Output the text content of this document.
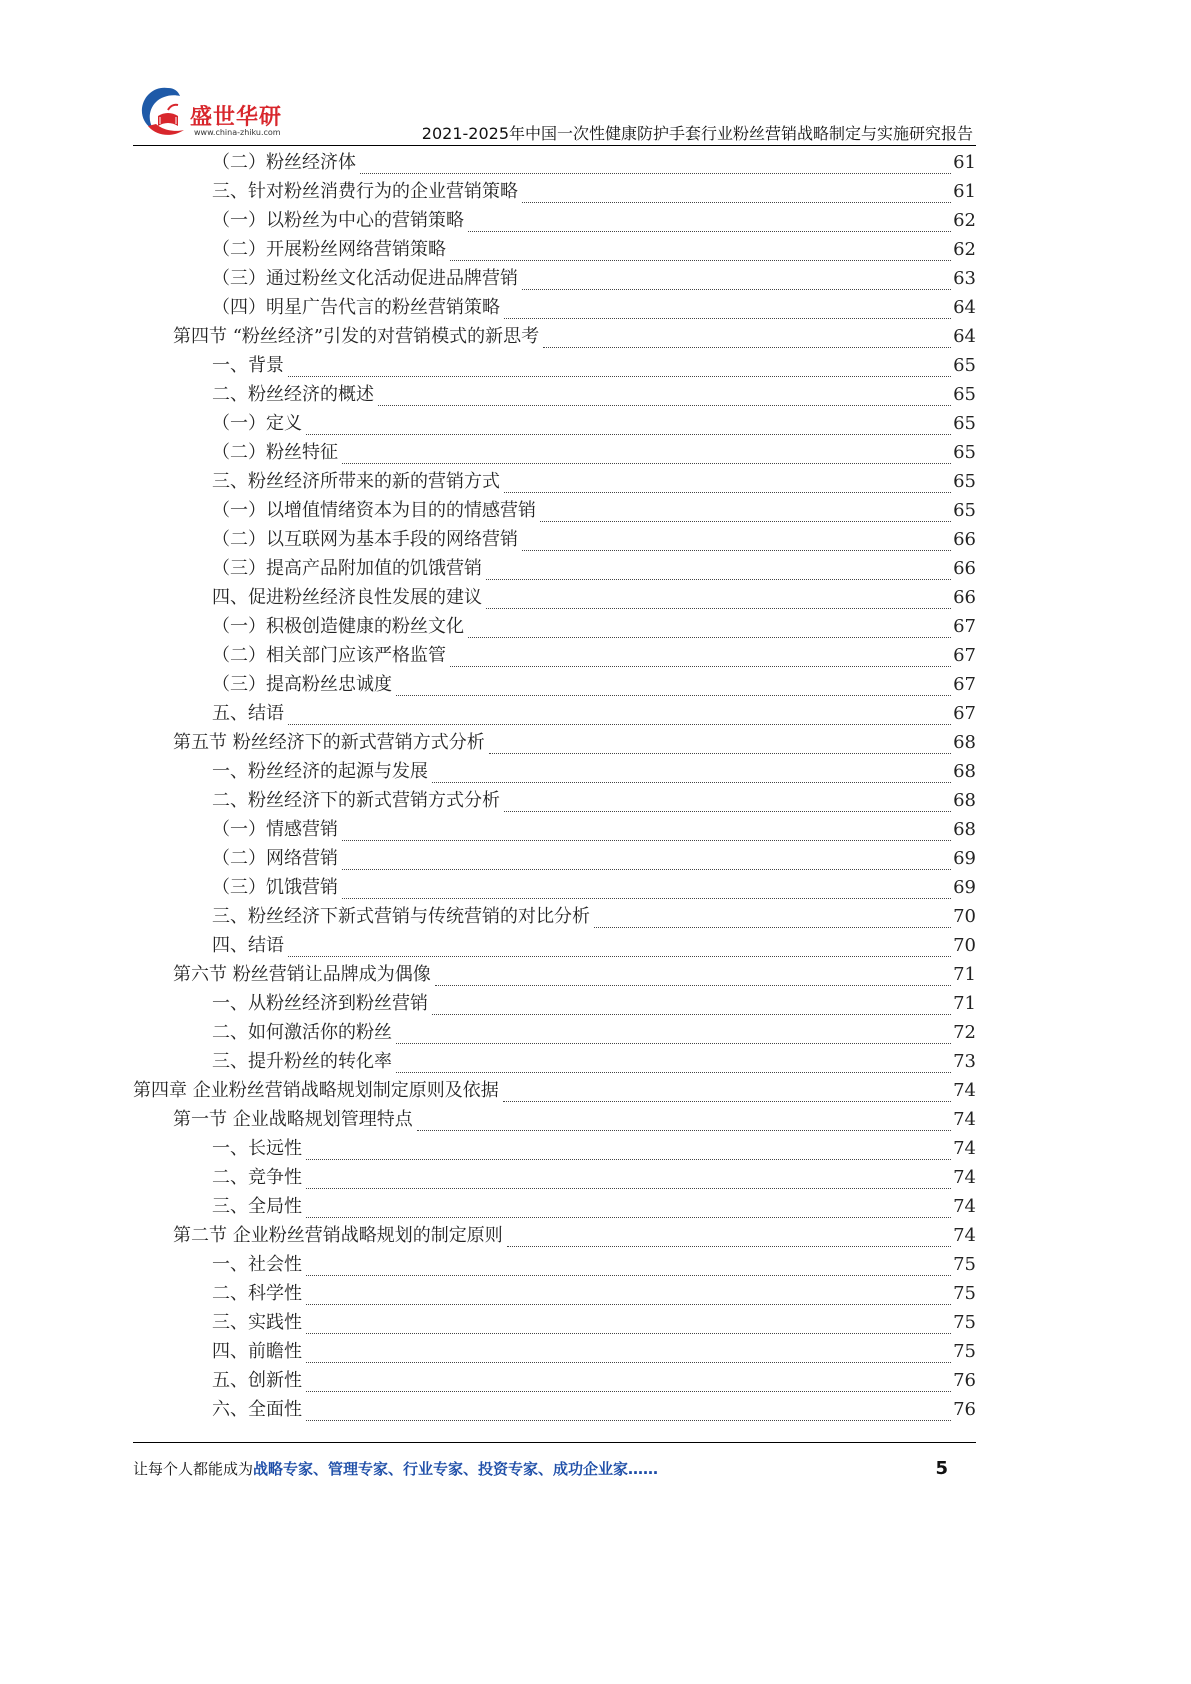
盛世华研
www.china-zhiku.com	2021-2025年中国一次性健康防护手套行业粉丝营销战略制定与实施研究报告
（二）粉丝经济体	61
三、针对粉丝消费行为的企业营销策略	61
（一）以粉丝为中心的营销策略	62
（二）开展粉丝网络营销策略	62
（三）通过粉丝文化活动促进品牌营销	63
（四）明星广告代言的粉丝营销策略	64
第四节 “粉丝经济”引发的对营销模式的新思考	64
一、背景	65
二、粉丝经济的概述	65
（一）定义	65
（二）粉丝特征	65
三、粉丝经济所带来的新的营销方式	65
（一）以增值情绪资本为目的的情感营销	65
（二）以互联网为基本手段的网络营销	66
（三）提高产品附加值的饥饿营销	66
四、促进粉丝经济良性发展的建议	66
（一）积极创造健康的粉丝文化	67
（二）相关部门应该严格监管	67
（三）提高粉丝忠诚度	67
五、结语	67
第五节 粉丝经济下的新式营销方式分析	68
一、粉丝经济的起源与发展	68
二、粉丝经济下的新式营销方式分析	68
（一）情感营销	68
（二）网络营销	69
（三）饥饿营销	69
三、粉丝经济下新式营销与传统营销的对比分析	70
四、结语	70
第六节 粉丝营销让品牌成为偶像	71
一、从粉丝经济到粉丝营销	71
二、如何激活你的粉丝	72
三、提升粉丝的转化率	73
第四章 企业粉丝营销战略规划制定原则及依据	74
第一节 企业战略规划管理特点	74
一、长远性	74
二、竞争性	74
三、全局性	74
第二节 企业粉丝营销战略规划的制定原则	74
一、社会性	75
二、科学性	75
三、实践性	75
四、前瞻性	75
五、创新性	76
六、全面性	76
让每个人都能成为战略专家、管理专家、行业专家、投资专家、成功企业家……	5
